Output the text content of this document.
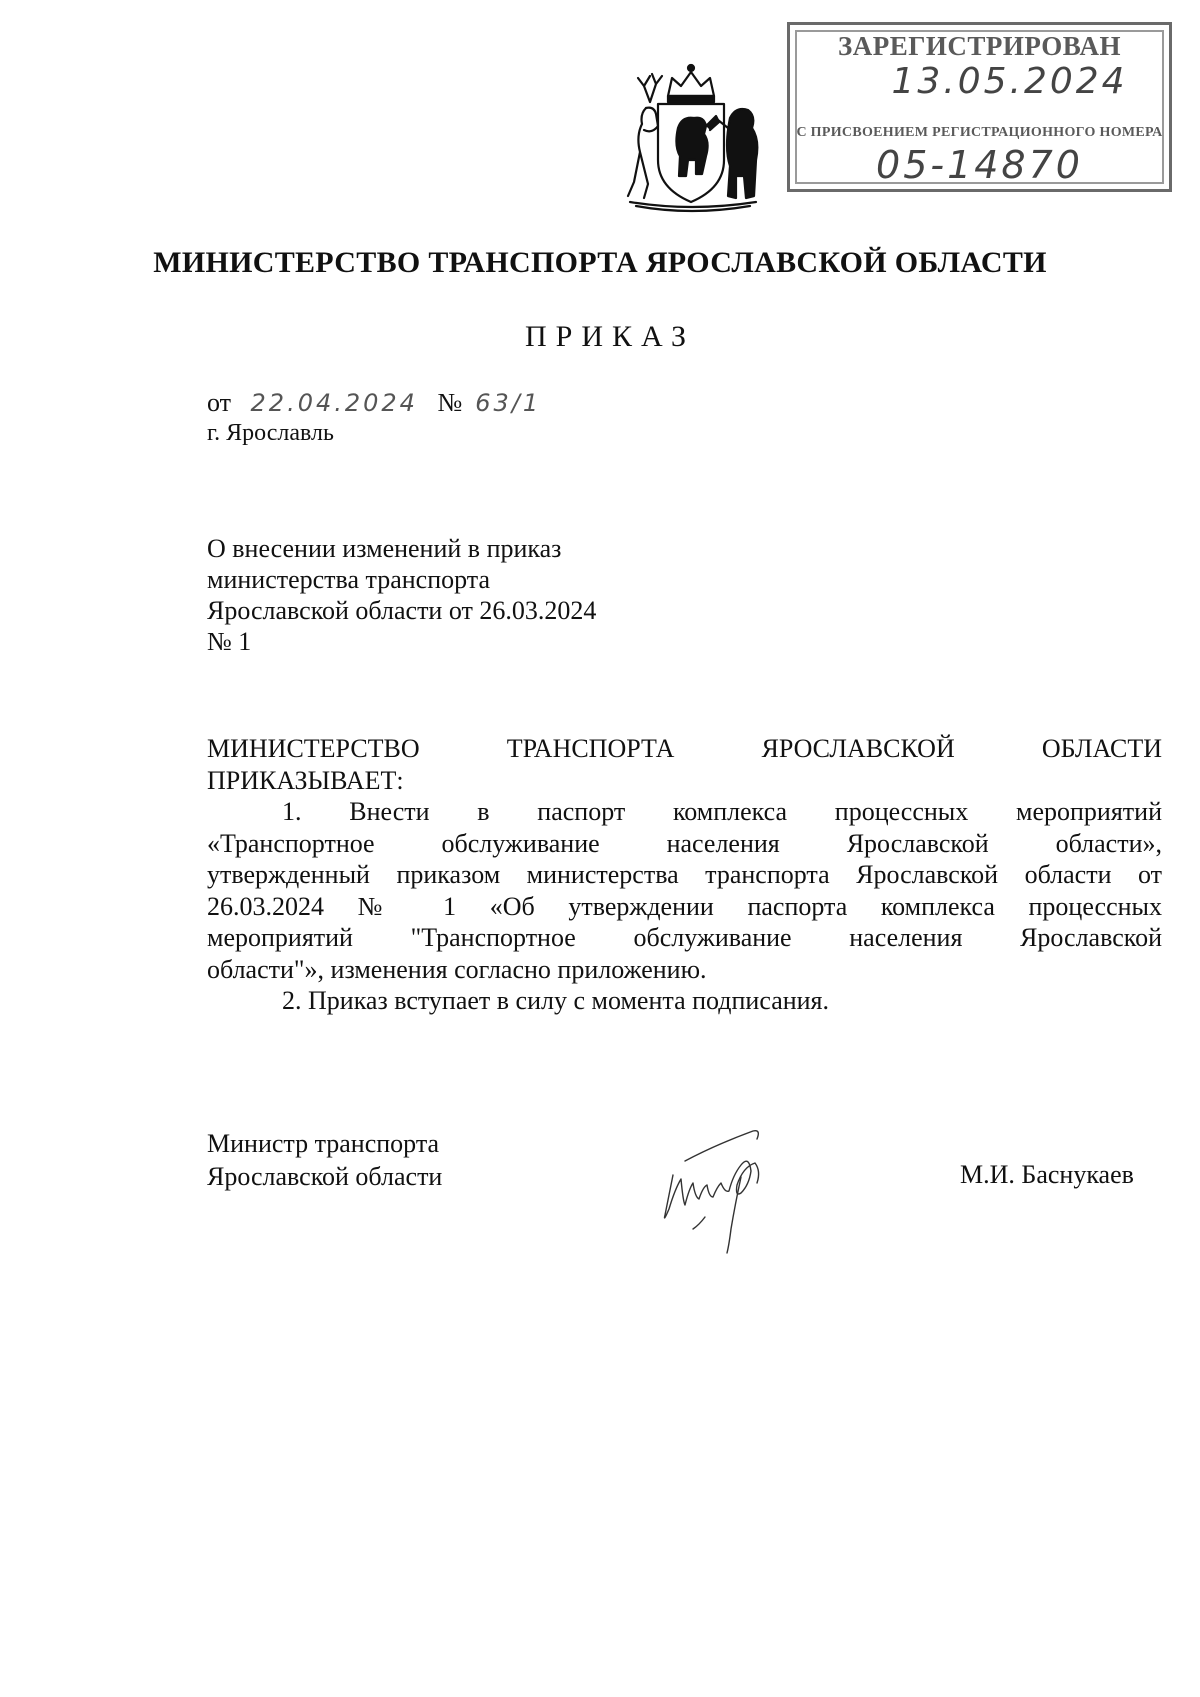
ЗАРЕГИСТРИРОВАН
13.05.2024
С ПРИСВОЕНИЕМ РЕГИСТРАЦИОННОГО НОМЕРА
05-14870
МИНИСТЕРСТВО ТРАНСПОРТА ЯРОСЛАВСКОЙ ОБЛАСТИ
ПРИКАЗ
от 22.04.2024 № 63/1
г. Ярославль
О внесении изменений в приказ
министерства транспорта
Ярославской области от 26.03.2024
№ 1
МИНИСТЕРСТВО ТРАНСПОРТА ЯРОСЛАВСКОЙ ОБЛАСТИ
ПРИКАЗЫВАЕТ:
1. Внести в паспорт комплекса процессных мероприятий
«Транспортное обслуживание населения Ярославской области»,
утвержденный приказом министерства транспорта Ярославской области от
26.03.2024 № 1 «Об утверждении паспорта комплекса процессных
мероприятий "Транспортное обслуживание населения Ярославской
области"», изменения согласно приложению.
2. Приказ вступает в силу с момента подписания.
Министр транспорта
Ярославской области	М.И. Баснукаев
